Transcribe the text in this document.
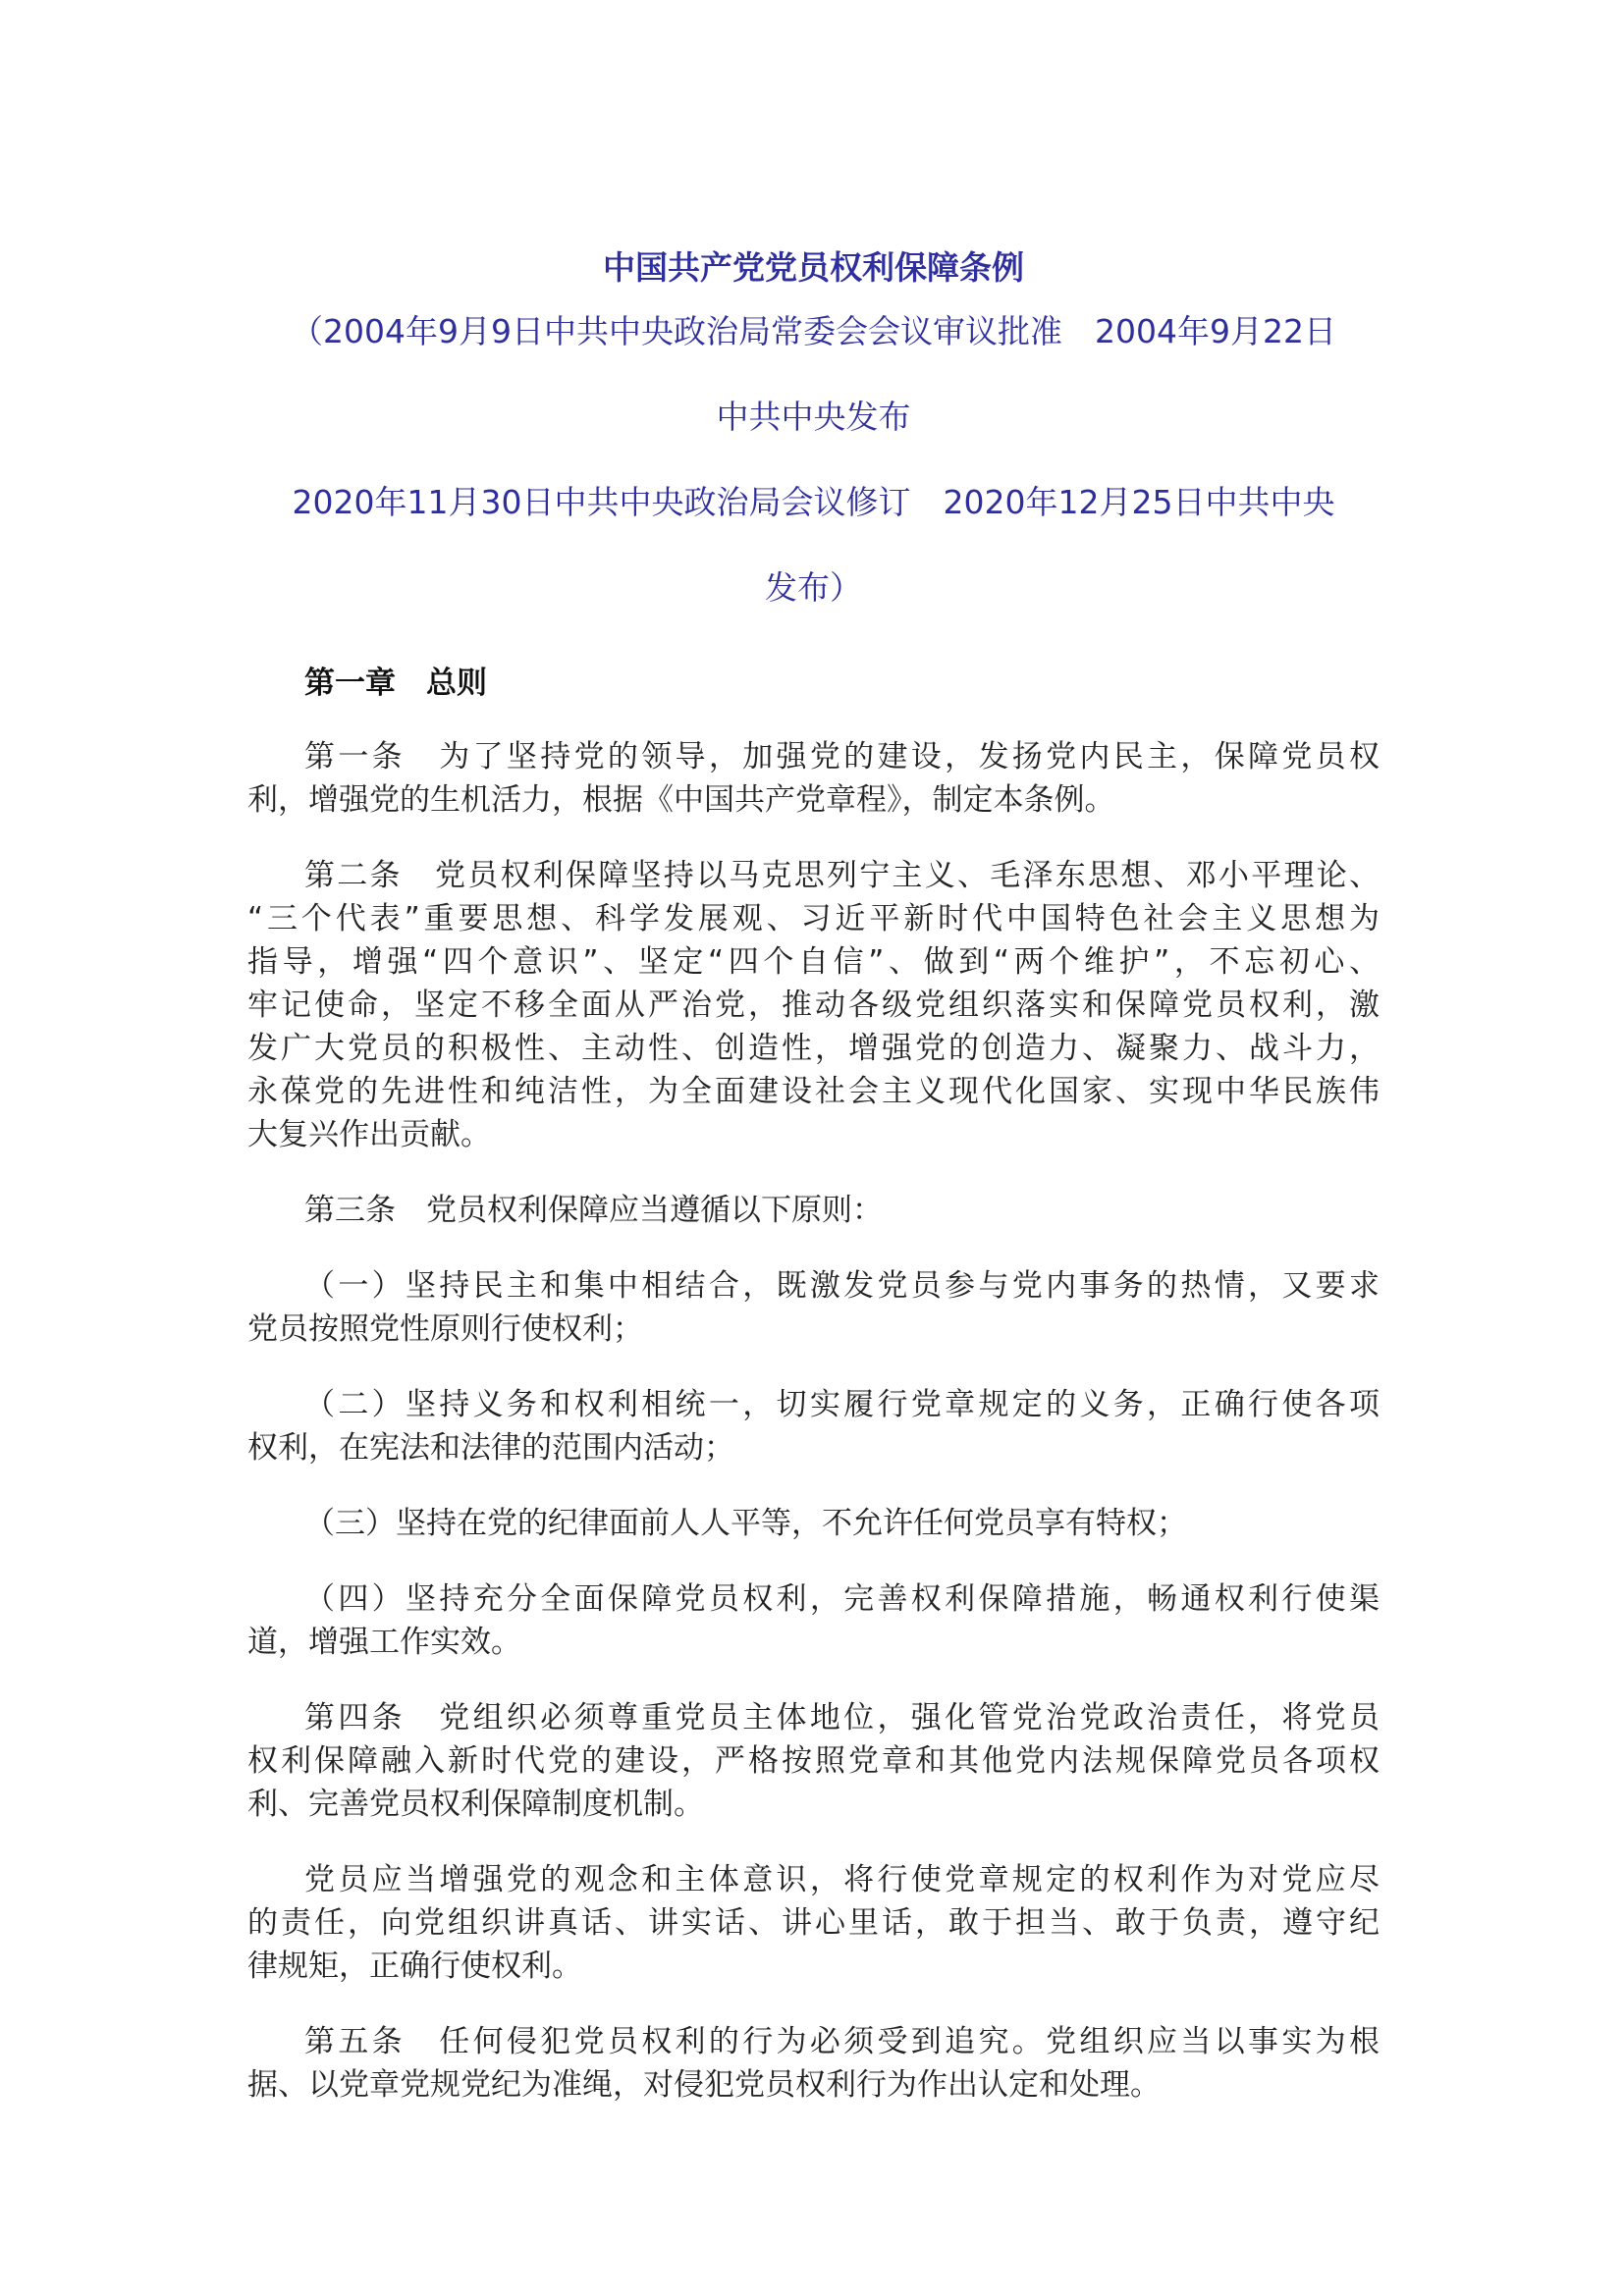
中国共产党党员权利保障条例
（2004年9月9日中共中央政治局常委会会议审议批准　2004年9月22日
中共中央发布
2020年11月30日中共中央政治局会议修订　2020年12月25日中共中央
发布）
第一章　总则
第一条　为了坚持党的领导，加强党的建设，发扬党内民主，保障党员权
利，增强党的生机活力，根据《中国共产党章程》，制定本条例。
第二条　党员权利保障坚持以马克思列宁主义、毛泽东思想、邓小平理论、
“三个代表”重要思想、科学发展观、习近平新时代中国特色社会主义思想为
指导，增强“四个意识”、坚定“四个自信”、做到“两个维护”，不忘初心、
牢记使命，坚定不移全面从严治党，推动各级党组织落实和保障党员权利，激
发广大党员的积极性、主动性、创造性，增强党的创造力、凝聚力、战斗力，
永葆党的先进性和纯洁性，为全面建设社会主义现代化国家、实现中华民族伟
大复兴作出贡献。
第三条　党员权利保障应当遵循以下原则：
（一）坚持民主和集中相结合，既激发党员参与党内事务的热情，又要求
党员按照党性原则行使权利；
（二）坚持义务和权利相统一，切实履行党章规定的义务，正确行使各项
权利，在宪法和法律的范围内活动；
（三）坚持在党的纪律面前人人平等，不允许任何党员享有特权；
（四）坚持充分全面保障党员权利，完善权利保障措施，畅通权利行使渠
道，增强工作实效。
第四条　党组织必须尊重党员主体地位，强化管党治党政治责任，将党员
权利保障融入新时代党的建设，严格按照党章和其他党内法规保障党员各项权
利、完善党员权利保障制度机制。
党员应当增强党的观念和主体意识，将行使党章规定的权利作为对党应尽
的责任，向党组织讲真话、讲实话、讲心里话，敢于担当、敢于负责，遵守纪
律规矩，正确行使权利。
第五条　任何侵犯党员权利的行为必须受到追究。党组织应当以事实为根
据、以党章党规党纪为准绳，对侵犯党员权利行为作出认定和处理。
